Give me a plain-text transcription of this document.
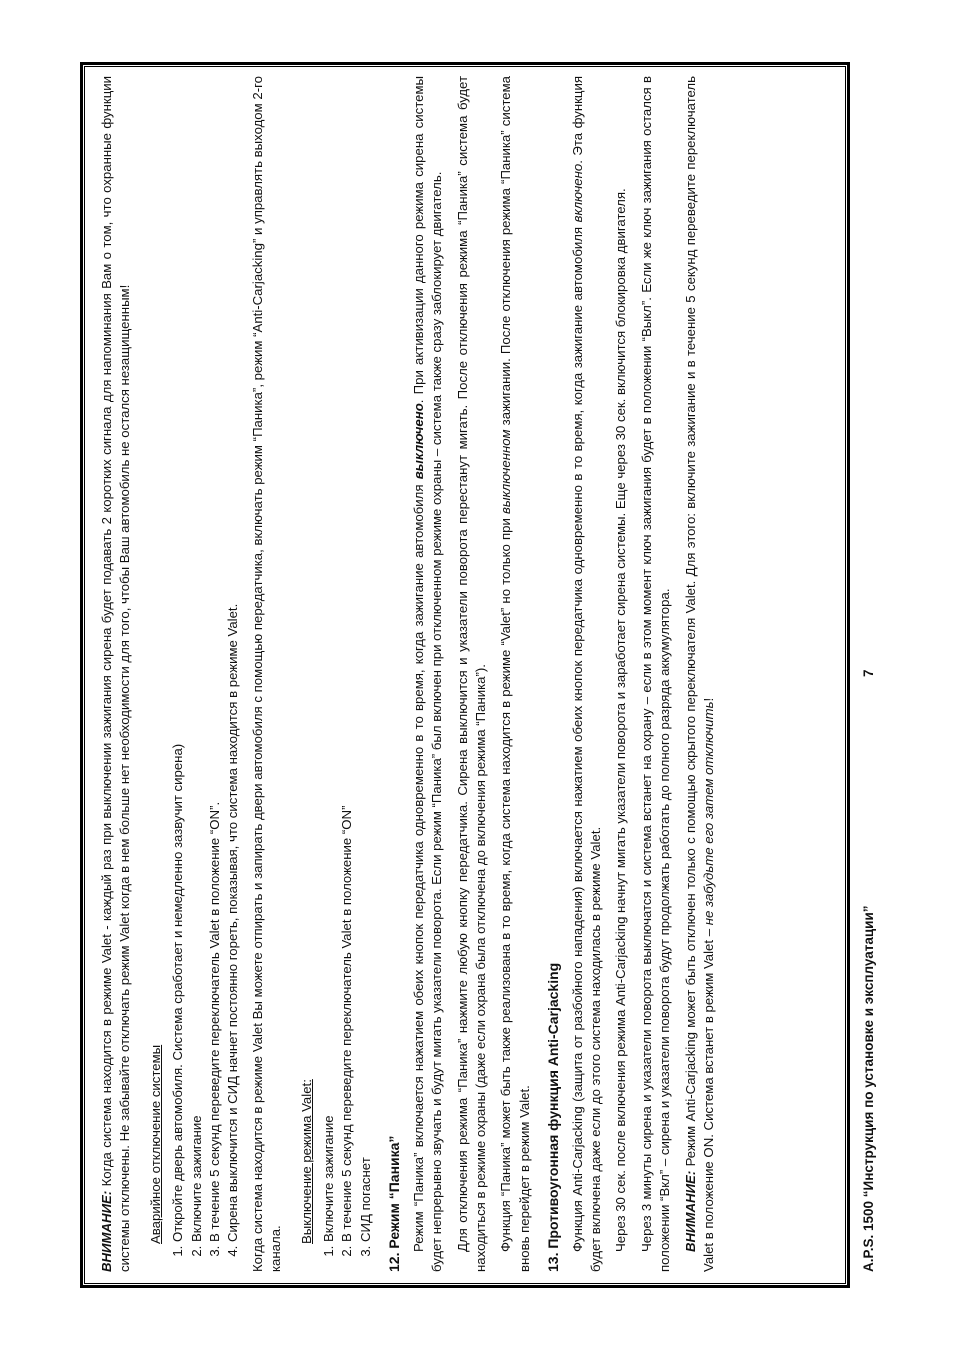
ВНИМАНИЕ: Когда система находится в режиме Valet - каждый раз при выключении зажигания сирена будет подавать 2 коротких сигнала для напоминания Вам о том, что охранные функции системы отключены. Не забывайте отключать режим Valet когда в нем больше нет необходимости для того, чтобы Ваш автомобиль не остался незащищенным! Аварийное отключение системы 1. Откройте дверь автомобиля. Система сработает и немедленно зазвучит сирена) 2. Включите зажигание 3. В течение 5 секунд переведите переключатель Valet в положение “ON”. 4. Сирена выключится и СИД начнет постоянно гореть, показывая, что система находится в режиме Valet. Когда система находится в режиме Valet Вы можете отпирать и запирать двери автомобиля с помощью передатчика, включать режим “Паника”, режим “Anti-Carjacking” и управлять выходом 2-го канала.

Выключение режима Valet: 1. Включите зажигание 2. В течение 5 секунд переведите переключатель Valet в положение “ON” 3. СИД погаснет 12. Режим “Паника” Режим “Паника” включается нажатием обеих кнопок передатчика одновременно в то время, когда зажигание автомобиля выключено. При активизации данного режима сирена системы будет непрерывно звучать и будут мигать указатели поворота. Если режим “Паника” был включен при отключенном режиме охраны – система также сразу заблокирует двигатель. Для отключения режима “Паника” нажмите любую кнопку передатчика. Сирена выключится и указатели поворота перестанут мигать. После отключения режима “Паника” система будет находиться в режиме охраны (даже если охрана была отключена до включения режима “Паника”). Функция “Паника” может быть также реализована в то время, когда система находится в режиме “Valet” но только при выключенном зажигании. После отключения режима “Паника” система вновь перейдет в режим Valet. 13. Противоугонная функция Anti-Carjacking Функция Anti-Carjacking (защита от разбойного нападения) включается нажатием обеих кнопок передатчика одновременно в то время, когда зажигание автомобиля включено. Эта функция будет включена даже если до этого система находилась в режиме Valet. Через 30 сек. после включения режима Anti-Carjacking начнут мигать указатели поворота и заработает сирена системы. Еще через 30 сек. включится блокировка двигателя. Через 3 минуты сирена и указатели поворота выключатся и система встанет на охрану – если в этом момент ключ зажигания будет в положении “Выкл”. Если же ключ зажигания остался в положении “Вкл” – сирена и указатели поворота будут продолжать работать до полного разряда аккумулятора. ВНИМАНИЕ: Режим Anti-Carjacking может быть отключен только с помощью скрытого переключателя Valet. Для этого: включите зажигание и в течение 5 секунд переведите переключатель Valet в положение ON. Система встанет в режим Valet – не забудьте его затем отключить!

A.P.S. 1500 “Инструкция по установке и эксплуатации”
7
